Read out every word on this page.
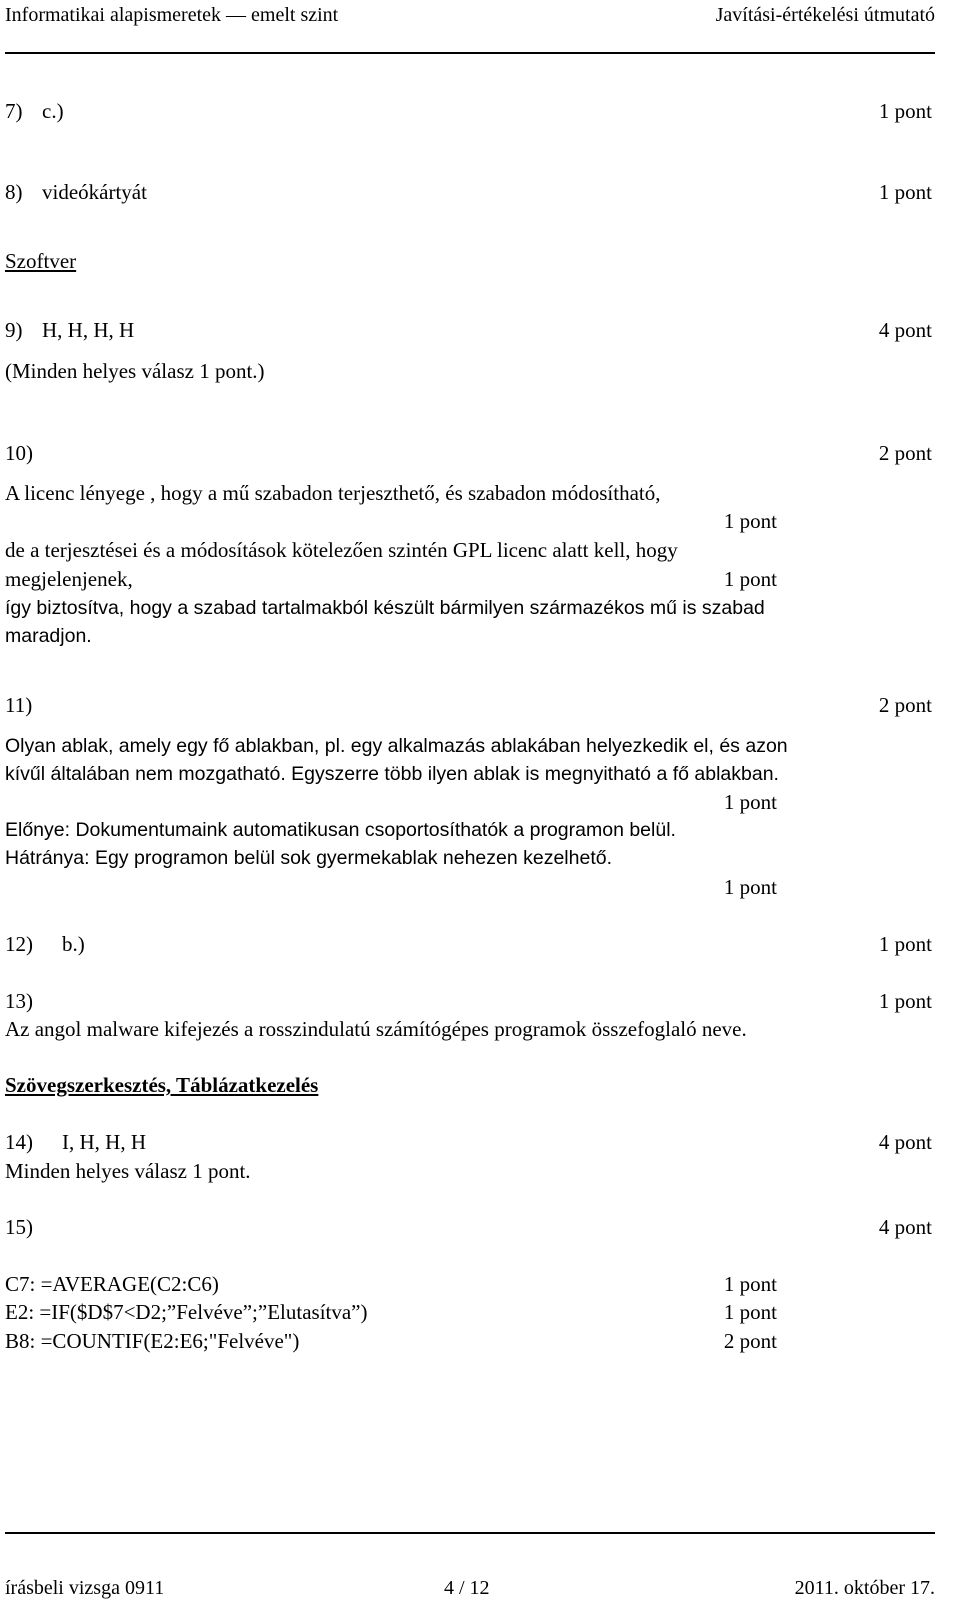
Informatikai alapismeretek — emelt szint	Javítási-értékelési útmutató
7) c.)	1 pont
8) videókártyát	1 pont
Szoftver
9) H, H, H, H	4 pont
(Minden helyes válasz 1 pont.)
10)	2 pont
A licenc lényege , hogy a mű szabadon terjeszthető, és szabadon módosítható,
1 pont
de a terjesztései és a módosítások kötelezően szintén GPL licenc alatt kell, hogy
megjelenjenek,	1 pont
így biztosítva, hogy a szabad tartalmakból készült bármilyen származékos mű is szabad
maradjon.
11)	2 pont
Olyan ablak, amely egy fő ablakban, pl. egy alkalmazás ablakában helyezkedik el, és azon
kívűl általában nem mozgatható. Egyszerre több ilyen ablak is megnyitható a fő ablakban.
1 pont
Előnye: Dokumentumaink automatikusan csoportosíthatók a programon belül.
Hátránya: Egy programon belül sok gyermekablak nehezen kezelhető.
1 pont
12) b.)	1 pont
13)	1 pont
Az angol malware kifejezés a rosszindulatú számítógépes programok összefoglaló neve.
Szövegszerkesztés, Táblázatkezelés
14) I, H, H, H	4 pont
Minden helyes válasz 1 pont.
15)	4 pont
C7: =AVERAGE(C2:C6)	1 pont
E2: =IF($D$7<D2;”Felvéve”;”Elutasítva”)	1 pont
B8: =COUNTIF(E2:E6;"Felvéve")	2 pont
írásbeli vizsga 0911	4 / 12	2011. október 17.
